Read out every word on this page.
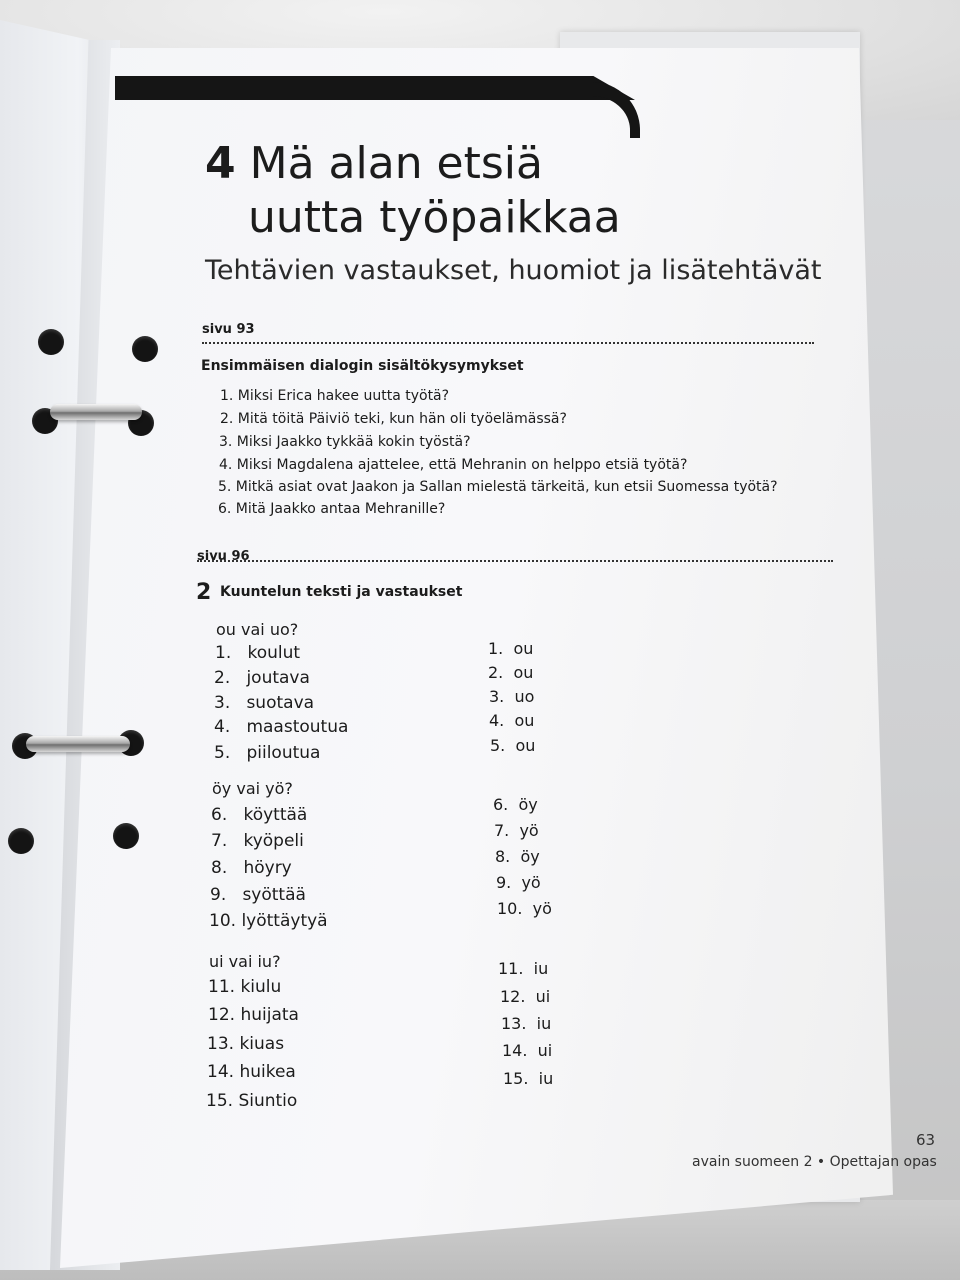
4 Mä alan etsiä
uutta työpaikkaa
Tehtävien vastaukset, huomiot ja lisätehtävät
sivu 93
Ensimmäisen dialogin sisältökysymykset
1. Miksi Erica hakee uutta työtä?
2. Mitä töitä Päiviö teki, kun hän oli työelämässä?
3. Miksi Jaakko tykkää kokin työstä?
4. Miksi Magdalena ajattelee, että Mehranin on helppo etsiä työtä?
5. Mitkä asiat ovat Jaakon ja Sallan mielestä tärkeitä, kun etsii Suomessa työtä?
6. Mitä Jaakko antaa Mehranille?
sivu 96
2 Kuuntelun teksti ja vastaukset
ou vai uo?
1. koulut
2. joutava
3. suotava
4. maastoutua
5. piiloutua
1. ou
2. ou
3. uo
4. ou
5. ou
öy vai yö?
6. köyttää
7. kyöpeli
8. höyry
9. syöttää
10. lyöttäytyä
6. öy
7. yö
8. öy
9. yö
10. yö
ui vai iu?
11. kiulu
12. huijata
13. kiuas
14. huikea
15. Siuntio
11. iu
12. ui
13. iu
14. ui
15. iu
avain suomeen 2 • Opettajan opas
63
